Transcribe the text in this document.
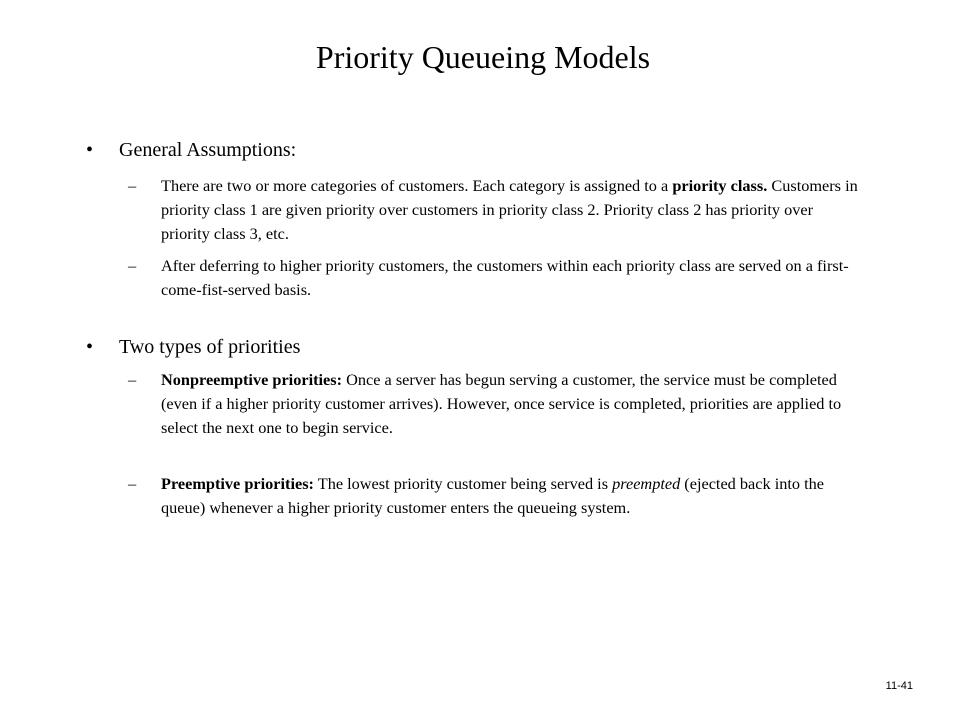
Priority Queueing Models
• General Assumptions:
– There are two or more categories of customers. Each category is assigned to a priority class. Customers in priority class 1 are given priority over customers in priority class 2. Priority class 2 has priority over priority class 3, etc.
– After deferring to higher priority customers, the customers within each priority class are served on a first-come-fist-served basis.
• Two types of priorities
– Nonpreemptive priorities: Once a server has begun serving a customer, the service must be completed (even if a higher priority customer arrives). However, once service is completed, priorities are applied to select the next one to begin service.
– Preemptive priorities: The lowest priority customer being served is preempted (ejected back into the queue) whenever a higher priority customer enters the queueing system.
11-41
